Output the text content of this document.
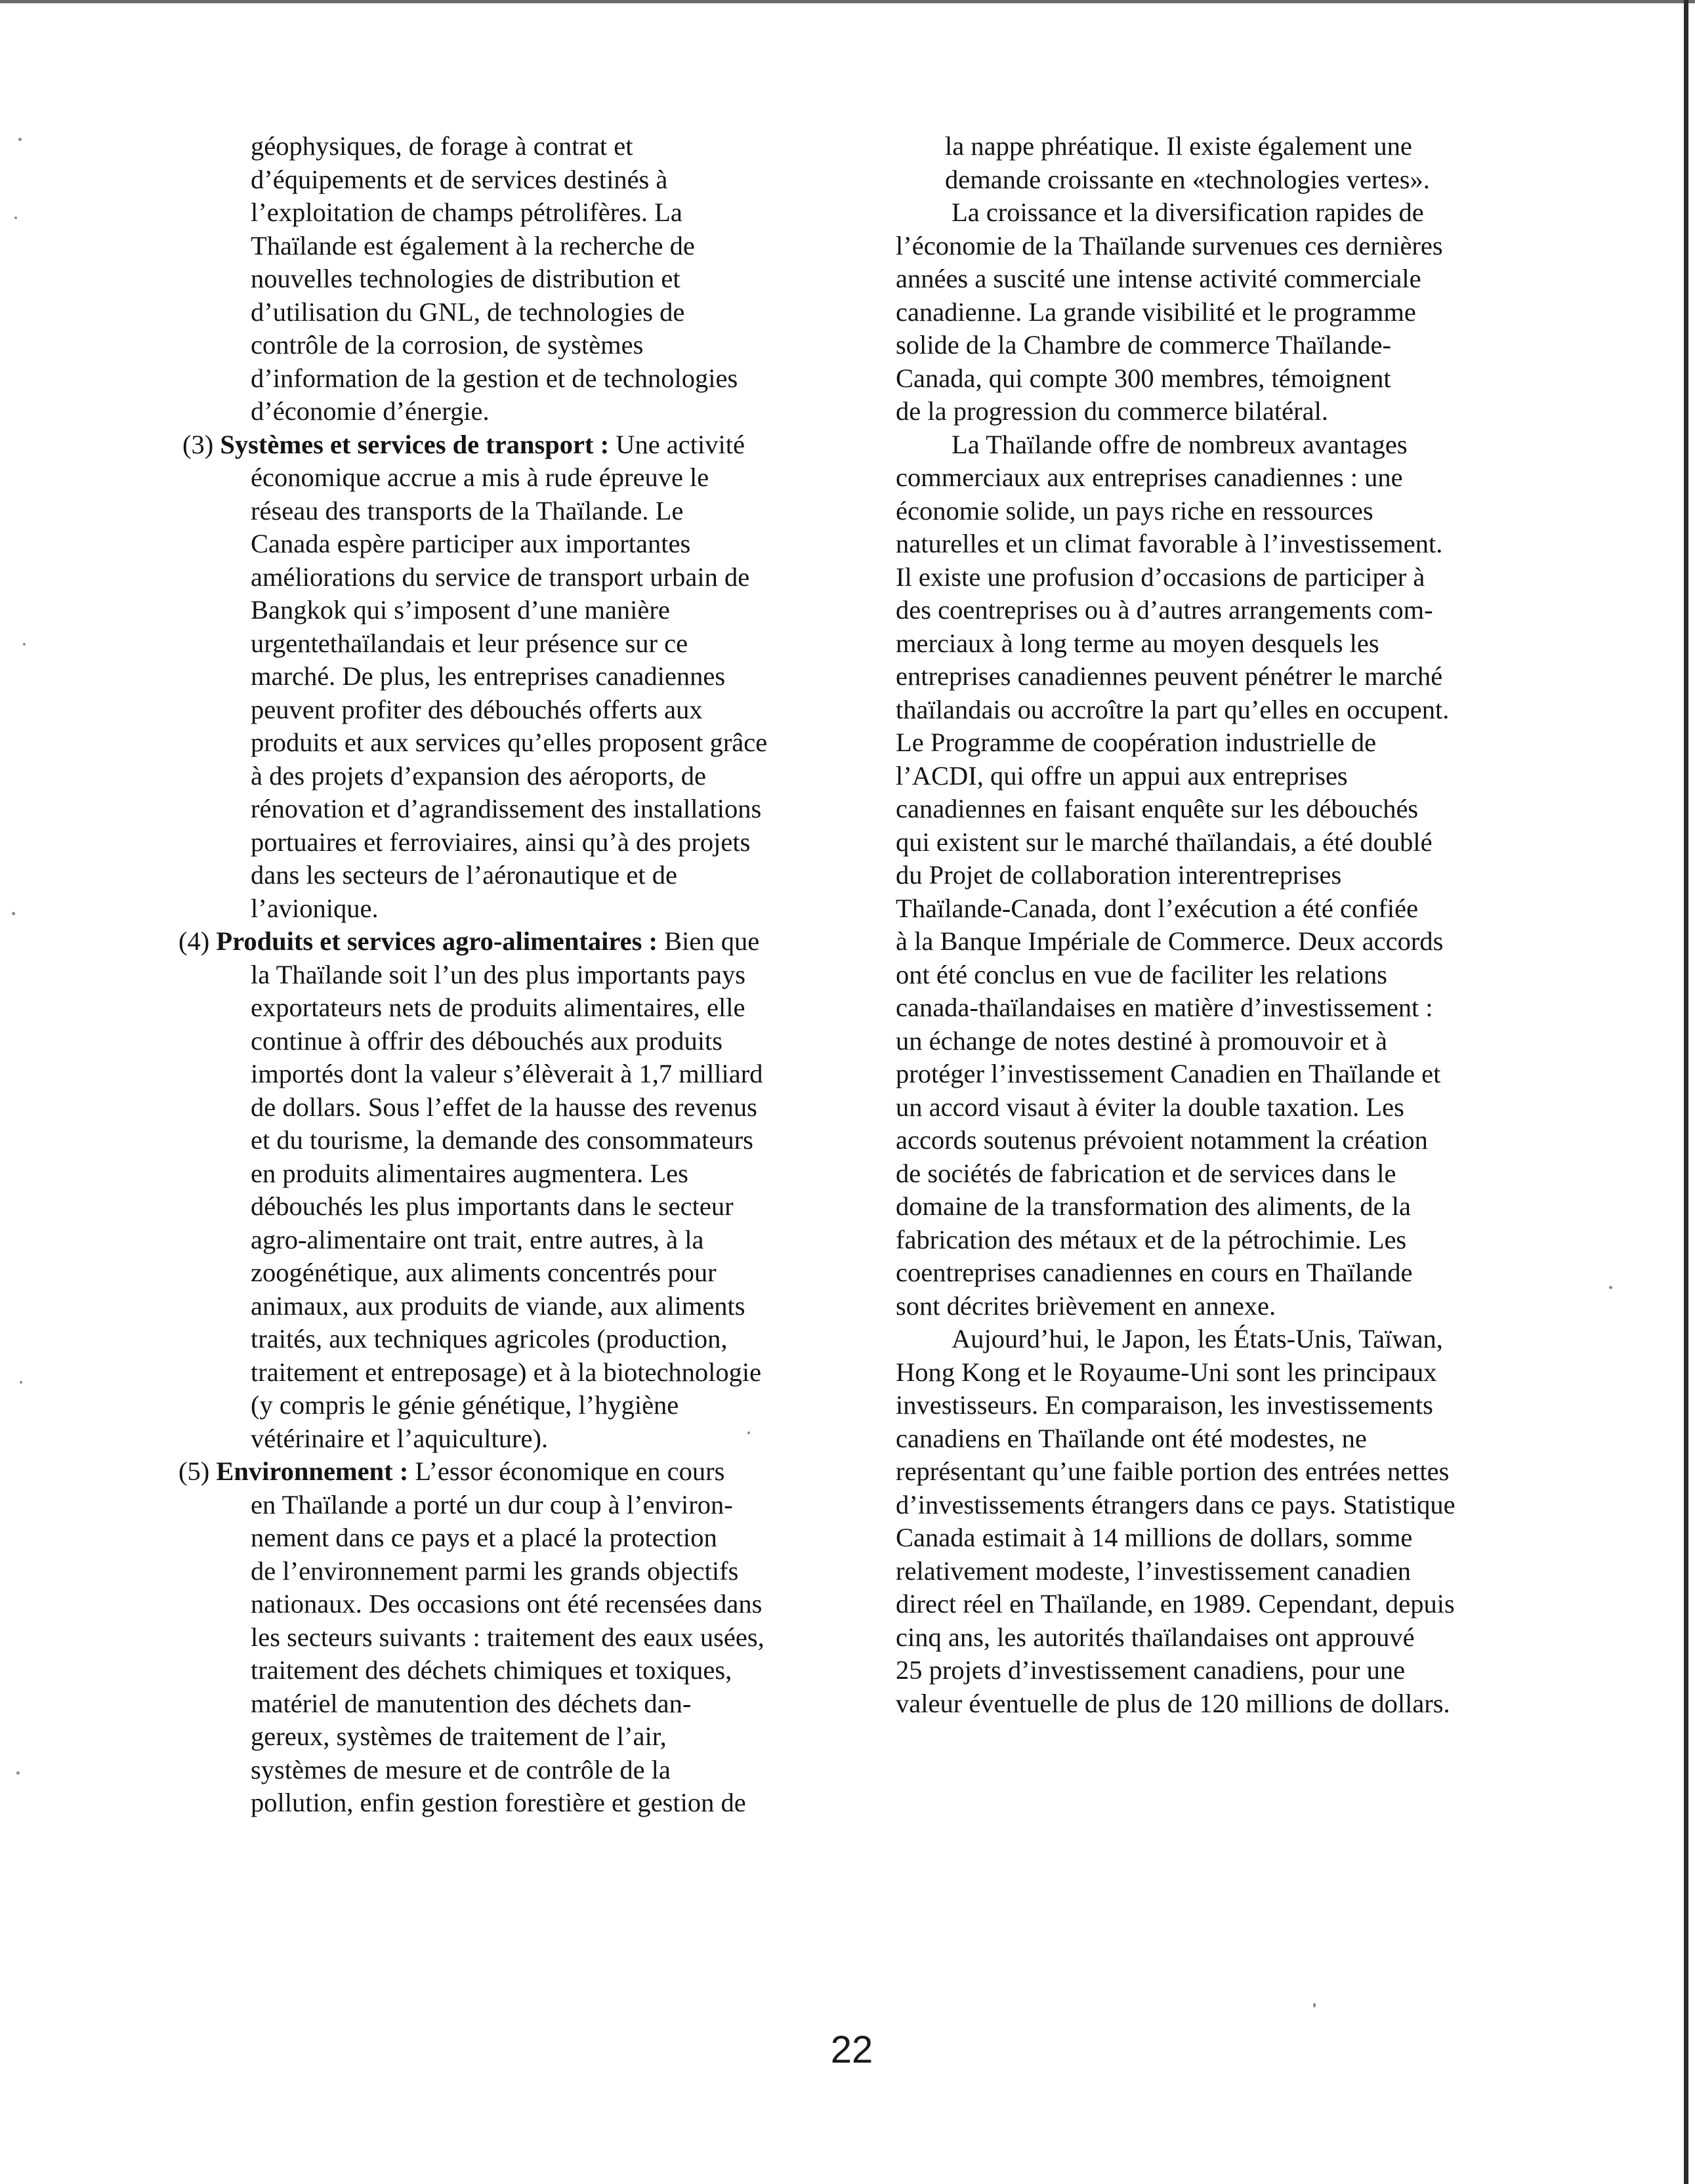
géophysiques, de forage à contrat et
d’équipements et de services destinés à
l’exploitation de champs pétrolifères. La
Thaïlande est également à la recherche de
nouvelles technologies de distribution et
d’utilisation du GNL, de technologies de
contrôle de la corrosion, de systèmes
d’information de la gestion et de technologies
d’économie d’énergie.
(3) Systèmes et services de transport : Une activité
économique accrue a mis à rude épreuve le
réseau des transports de la Thaïlande. Le
Canada espère participer aux importantes
améliorations du service de transport urbain de
Bangkok qui s’imposent d’une manière
urgentethaïlandais et leur présence sur ce
marché. De plus, les entreprises canadiennes
peuvent profiter des débouchés offerts aux
produits et aux services qu’elles proposent grâce
à des projets d’expansion des aéroports, de
rénovation et d’agrandissement des installations
portuaires et ferroviaires, ainsi qu’à des projets
dans les secteurs de l’aéronautique et de
l’avionique.
(4) Produits et services agro-alimentaires : Bien que
la Thaïlande soit l’un des plus importants pays
exportateurs nets de produits alimentaires, elle
continue à offrir des débouchés aux produits
importés dont la valeur s’élèverait à 1,7 milliard
de dollars. Sous l’effet de la hausse des revenus
et du tourisme, la demande des consommateurs
en produits alimentaires augmentera. Les
débouchés les plus importants dans le secteur
agro-alimentaire ont trait, entre autres, à la
zoogénétique, aux aliments concentrés pour
animaux, aux produits de viande, aux aliments
traités, aux techniques agricoles (production,
traitement et entreposage) et à la biotechnologie
(y compris le génie génétique, l’hygiène
vétérinaire et l’aquiculture).
(5) Environnement : L’essor économique en cours
en Thaïlande a porté un dur coup à l’environ-
nement dans ce pays et a placé la protection
de l’environnement parmi les grands objectifs
nationaux. Des occasions ont été recensées dans
les secteurs suivants : traitement des eaux usées,
traitement des déchets chimiques et toxiques,
matériel de manutention des déchets dan-
gereux, systèmes de traitement de l’air,
systèmes de mesure et de contrôle de la
pollution, enfin gestion forestière et gestion de
la nappe phréatique. Il existe également une
demande croissante en «technologies vertes».
La croissance et la diversification rapides de
l’économie de la Thaïlande survenues ces dernières
années a suscité une intense activité commerciale
canadienne. La grande visibilité et le programme
solide de la Chambre de commerce Thaïlande-
Canada, qui compte 300 membres, témoignent
de la progression du commerce bilatéral.
La Thaïlande offre de nombreux avantages
commerciaux aux entreprises canadiennes : une
économie solide, un pays riche en ressources
naturelles et un climat favorable à l’investissement.
Il existe une profusion d’occasions de participer à
des coentreprises ou à d’autres arrangements com-
merciaux à long terme au moyen desquels les
entreprises canadiennes peuvent pénétrer le marché
thaïlandais ou accroître la part qu’elles en occupent.
Le Programme de coopération industrielle de
l’ACDI, qui offre un appui aux entreprises
canadiennes en faisant enquête sur les débouchés
qui existent sur le marché thaïlandais, a été doublé
du Projet de collaboration interentreprises
Thaïlande-Canada, dont l’exécution a été confiée
à la Banque Impériale de Commerce. Deux accords
ont été conclus en vue de faciliter les relations
canada-thaïlandaises en matière d’investissement :
un échange de notes destiné à promouvoir et à
protéger l’investissement Canadien en Thaïlande et
un accord visaut à éviter la double taxation. Les
accords soutenus prévoient notamment la création
de sociétés de fabrication et de services dans le
domaine de la transformation des aliments, de la
fabrication des métaux et de la pétrochimie. Les
coentreprises canadiennes en cours en Thaïlande
sont décrites brièvement en annexe.
Aujourd’hui, le Japon, les États-Unis, Taïwan,
Hong Kong et le Royaume-Uni sont les principaux
investisseurs. En comparaison, les investissements
canadiens en Thaïlande ont été modestes, ne
représentant qu’une faible portion des entrées nettes
d’investissements étrangers dans ce pays. Statistique
Canada estimait à 14 millions de dollars, somme
relativement modeste, l’investissement canadien
direct réel en Thaïlande, en 1989. Cependant, depuis
cinq ans, les autorités thaïlandaises ont approuvé
25 projets d’investissement canadiens, pour une
valeur éventuelle de plus de 120 millions de dollars.
22
